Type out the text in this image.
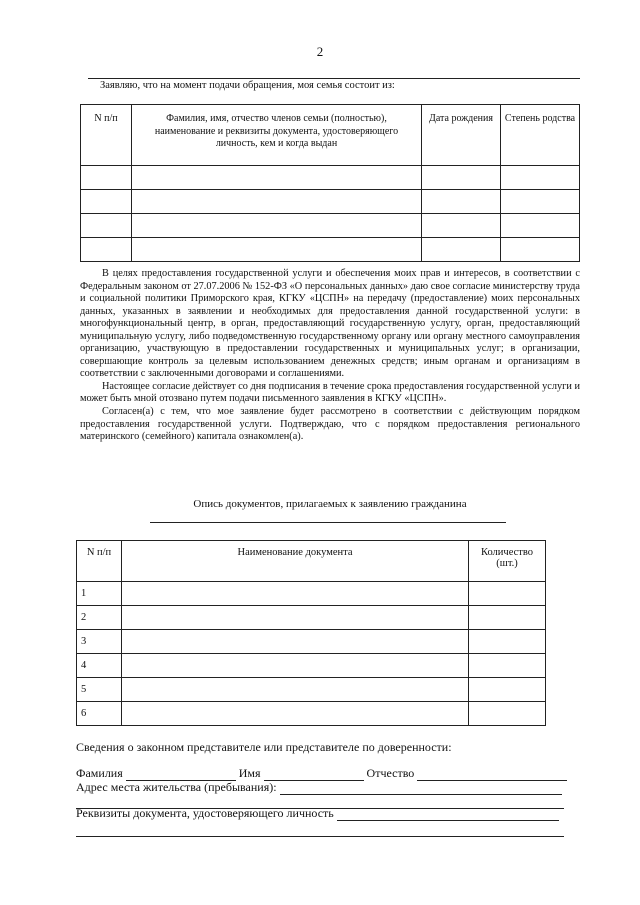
2
Заявляю, что на момент подачи обращения, моя семья состоит из:
N п/п	Фамилия, имя, отчество членов семьи (полностью), наименование и реквизиты документа, удостоверяющего личность, кем и когда выдан	Дата рождения	Степень родства

В целях предоставления государственной услуги и обеспечения моих прав и интересов, в соответствии с Федеральным законом от 27.07.2006 № 152-ФЗ «О персональных данных» даю свое согласие министерству труда и социальной политики Приморского края, КГКУ «ЦСПН» на передачу (предоставление) моих персональных данных, указанных в заявлении и необходимых для предоставления данной государственной услуги: в многофункциональный центр, в орган, предоставляющий государственную услугу, орган, предоставляющий муниципальную услугу, либо подведомственную государственному органу или органу местного самоуправления организацию, участвующую в предоставлении государственных и муниципальных услуг; в организации, совершающие контроль за целевым использованием денежных средств; иным органам и организациям в соответствии с заключенными договорами и соглашениями.

Настоящее согласие действует со дня подписания в течение срока предоставления государственной услуги и может быть мной отозвано путем подачи письменного заявления в КГКУ «ЦСПН».

Согласен(а) с тем, что мое заявление будет рассмотрено в соответствии с действующим порядком предоставления государственной услуги. Подтверждаю, что с порядком предоставления регионального материнского (семейного) капитала ознакомлен(а).

Опись документов, прилагаемых к заявлению гражданина
N п/п	Наименование документа	Количество (шт.)
1		
2		
3		
4		
5		
6		
Сведения о законном представителе или представителе по доверенности:
Фамилия	Имя	Отчество
Адрес места жительства (пребывания):
Реквизиты документа, удостоверяющего личность
